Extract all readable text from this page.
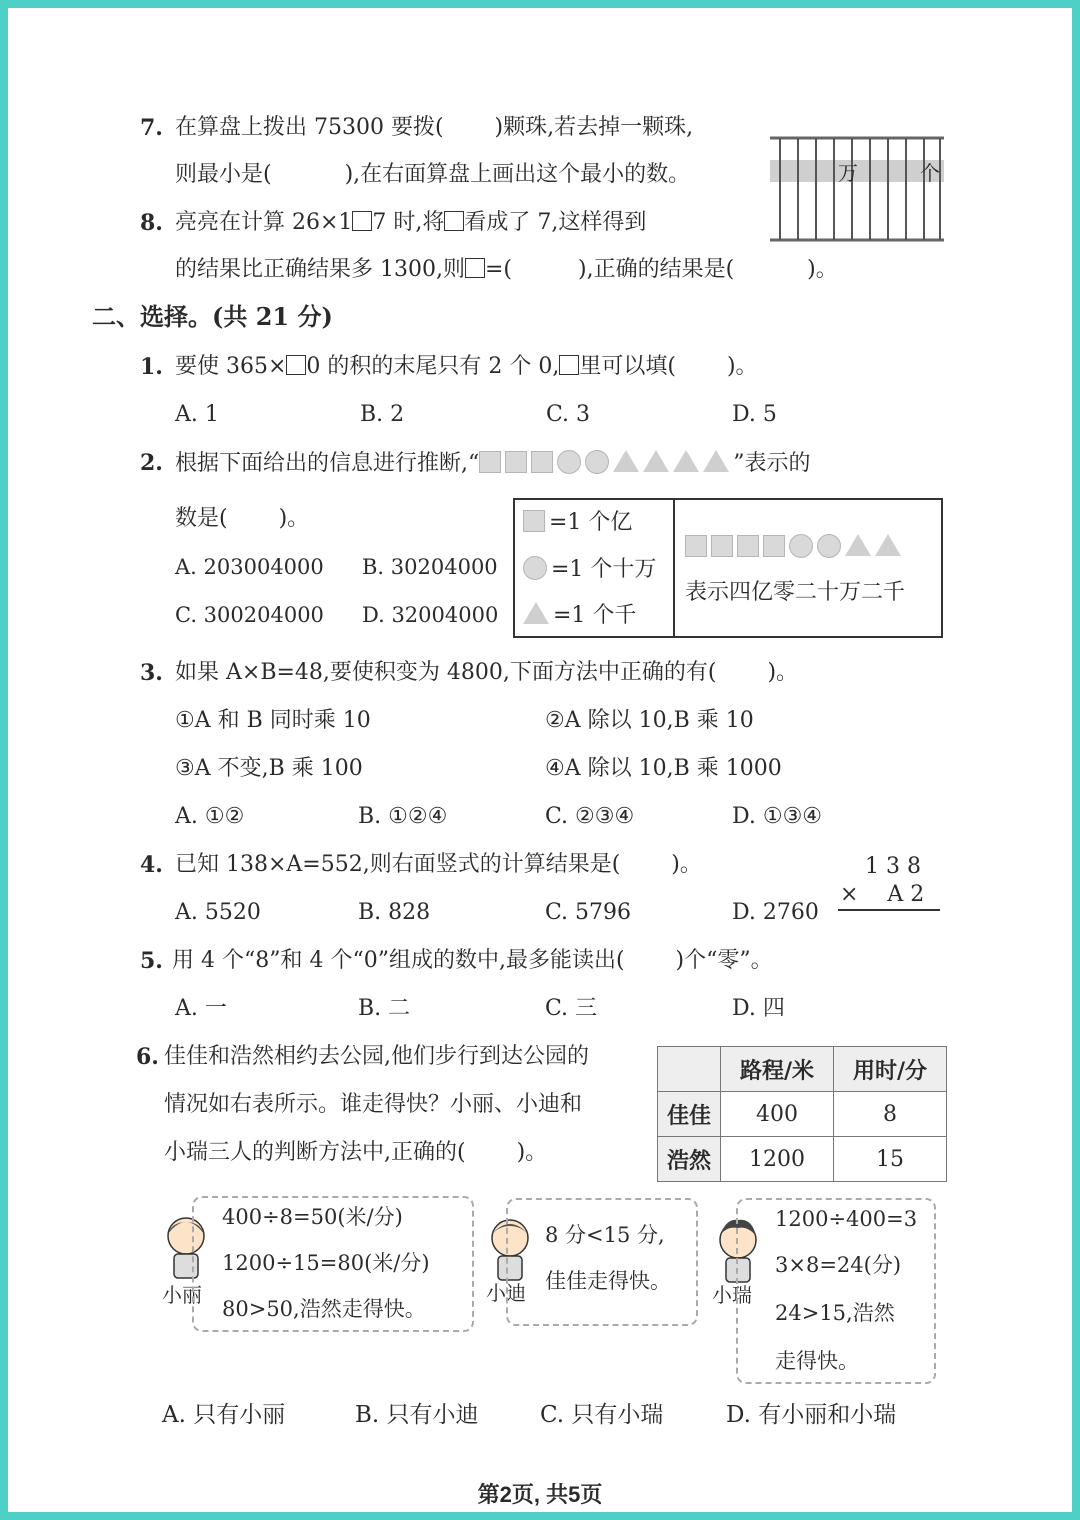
7. 在算盘上拨出 75300 要拨(　　 )颗珠,若去掉一颗珠,
则最小是(　　　 ),在右面算盘上画出这个最小的数。	万	个
8. 亮亮在计算 26×1 7 时,将 看成了 7,这样得到
的结果比正确结果多 1300,则 =(　　　),正确的结果是(　　　 )。
二、选择。(共 21 分)
1. 要使 365× 0 的积的末尾只有 2 个 0, 里可以填(　　 )。
A. 1	B. 2	C. 3	D. 5
2. 根据下面给出的信息进行推断,“	”表示的
数是(　　 )。
A. 203004000 B. 30204000
C. 300204000 D. 32004000
=1 个亿
=1 个十万
=1 个千
表示四亿零二十万二千
3. 如果 A×B=48,要使积变为 4800,下面方法中正确的有(　　 )。
①A 和 B 同时乘 10	②A 除以 10,B 乘 10
③A 不变,B 乘 100	④A 除以 10,B 乘 1000
A. ①②	B. ①②④	C. ②③④	D. ①③④
4. 已知 138×A=552,则右面竖式的计算结果是(　　 )。	1 3 8
×　 A 2
A. 5520	B. 828	C. 5796	D. 2760
5. 用 4 个“8”和 4 个“0”组成的数中,最多能读出(　　 )个“零”。
A. 一	B. 二	C. 三	D. 四
6. 佳佳和浩然相约去公园,他们步行到达公园的
情况如右表所示。谁走得快？小丽、小迪和
小瑞三人的判断方法中,正确的(　　 )。
	路程/米	用时/分
佳佳	400	8
浩然	1200	15
小丽
400÷8=50(米/分)
1200÷15=80(米/分)
80>50,浩然走得快。
小迪
8 分<15 分,
佳佳走得快。
小瑞
1200÷400=3
3×8=24(分)
24>15,浩然
走得快。
A. 只有小丽	B. 只有小迪	C. 只有小瑞	D. 有小丽和小瑞
第2页, 共5页
